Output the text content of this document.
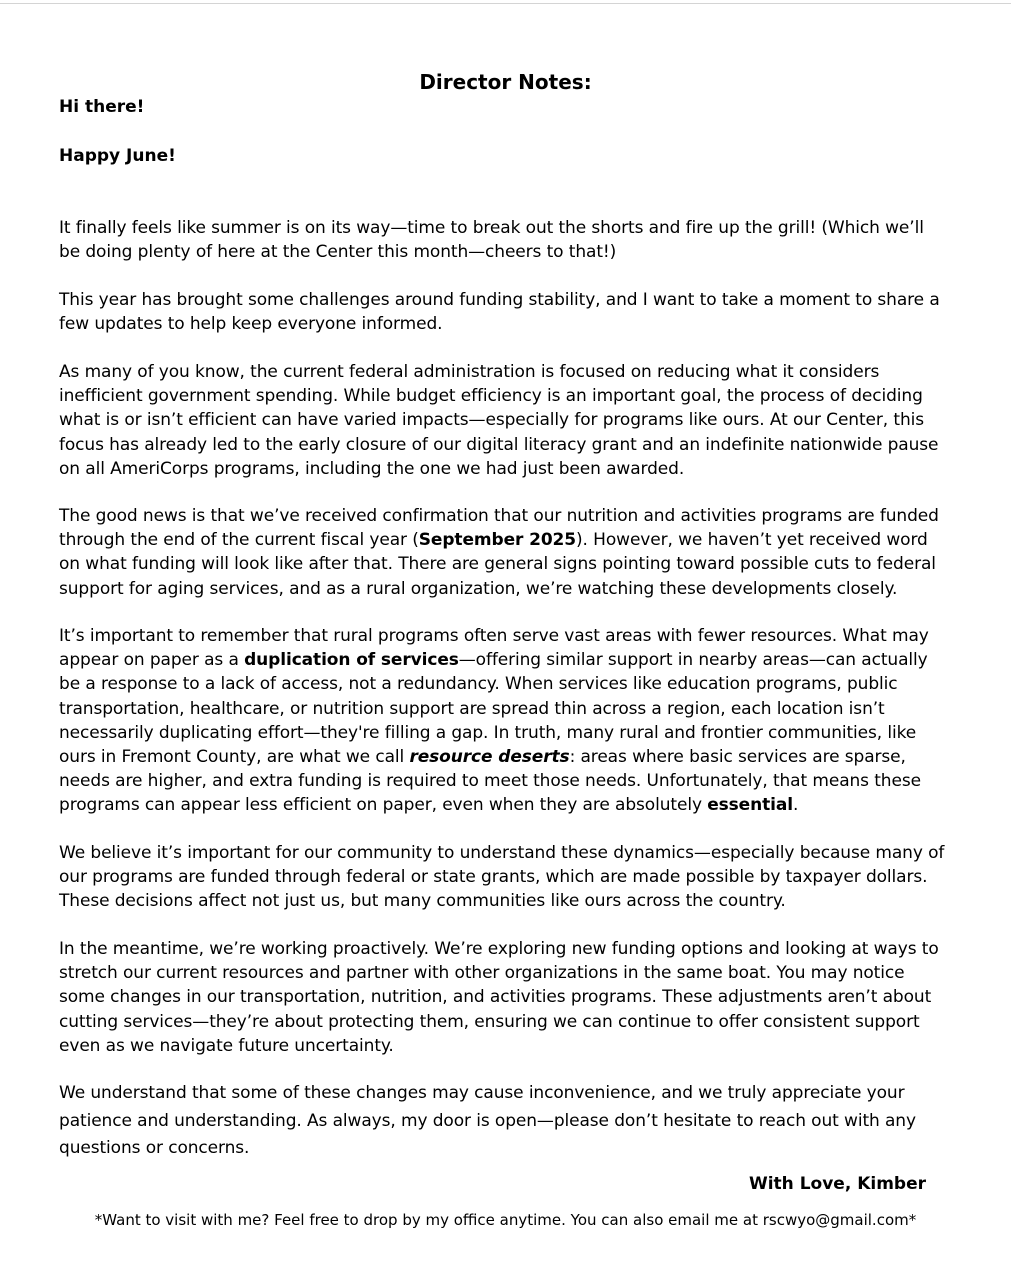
Director Notes:
Hi there!
Happy June!
It finally feels like summer is on its way—time to break out the shorts and fire up the grill! (Which we’ll be doing plenty of here at the Center this month—cheers to that!)
This year has brought some challenges around funding stability, and I want to take a moment to share a few updates to help keep everyone informed.
As many of you know, the current federal administration is focused on reducing what it considers inefficient government spending. While budget efficiency is an important goal, the process of deciding what is or isn’t efficient can have varied impacts—especially for programs like ours. At our Center, this focus has already led to the early closure of our digital literacy grant and an indefinite nationwide pause on all AmeriCorps programs, including the one we had just been awarded.
The good news is that we’ve received confirmation that our nutrition and activities programs are funded through the end of the current fiscal year (September 2025). However, we haven’t yet received word on what funding will look like after that. There are general signs pointing toward possible cuts to federal support for aging services, and as a rural organization, we’re watching these developments closely.
It’s important to remember that rural programs often serve vast areas with fewer resources. What may appear on paper as a duplication of services—offering similar support in nearby areas—can actually be a response to a lack of access, not a redundancy. When services like education programs, public transportation, healthcare, or nutrition support are spread thin across a region, each location isn’t necessarily duplicating effort—they're filling a gap. In truth, many rural and frontier communities, like ours in Fremont County, are what we call resource deserts: areas where basic services are sparse, needs are higher, and extra funding is required to meet those needs. Unfortunately, that means these programs can appear less efficient on paper, even when they are absolutely essential.
We believe it’s important for our community to understand these dynamics—especially because many of our programs are funded through federal or state grants, which are made possible by taxpayer dollars. These decisions affect not just us, but many communities like ours across the country.
In the meantime, we’re working proactively. We’re exploring new funding options and looking at ways to stretch our current resources and partner with other organizations in the same boat. You may notice some changes in our transportation, nutrition, and activities programs. These adjustments aren’t about cutting services—they’re about protecting them, ensuring we can continue to offer consistent support even as we navigate future uncertainty.
We understand that some of these changes may cause inconvenience, and we truly appreciate your patience and understanding. As always, my door is open—please don’t hesitate to reach out with any questions or concerns.
With Love, Kimber
*Want to visit with me? Feel free to drop by my office anytime. You can also email me at rscwyo@gmail.com*
